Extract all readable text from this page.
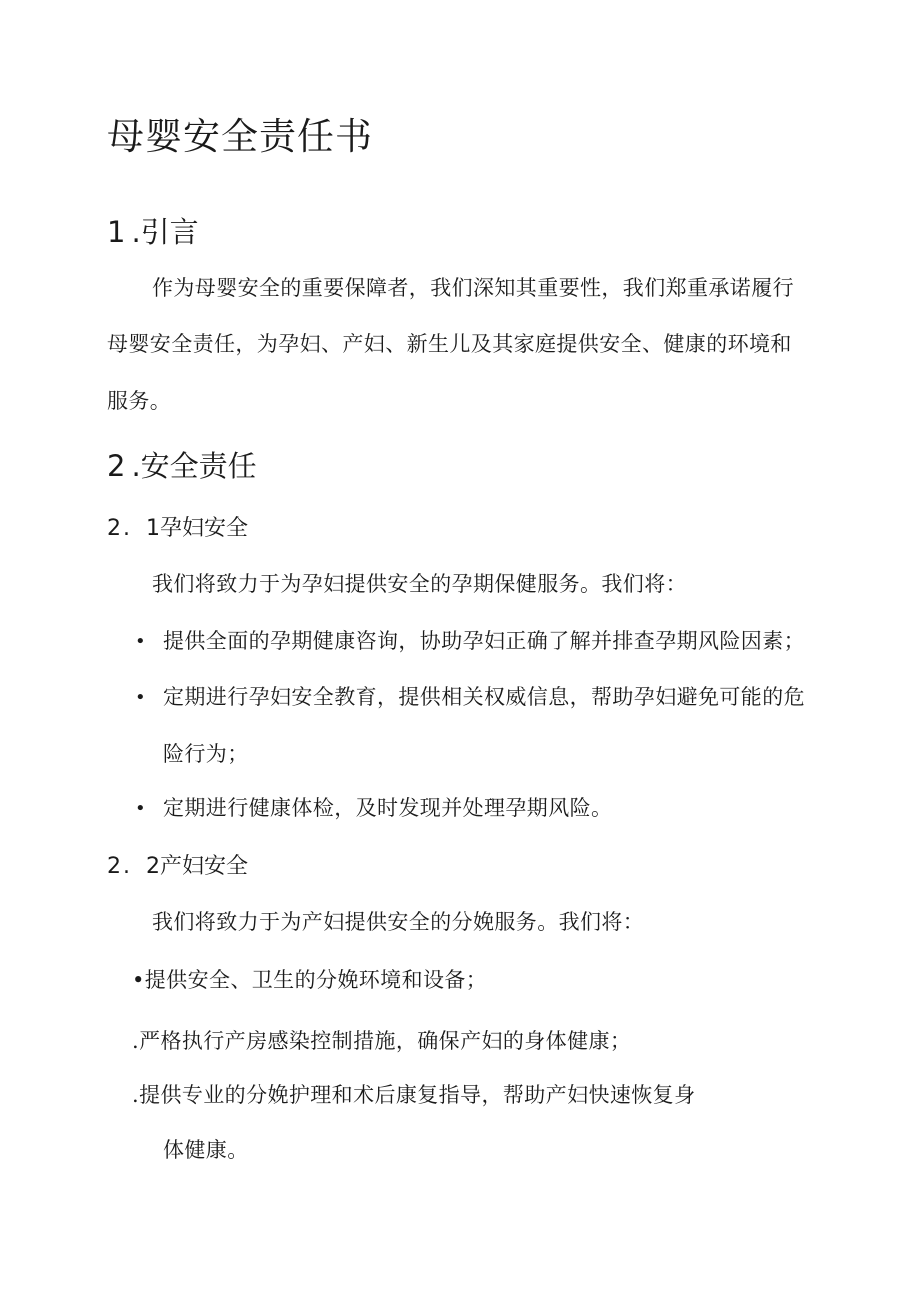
母婴安全责任书
1.引言
作为母婴安全的重要保障者，我们深知其重要性，我们郑重承诺履行
母婴安全责任，为孕妇、产妇、新生儿及其家庭提供安全、健康的环境和
服务。
2.安全责任
2. 1孕妇安全
我们将致力于为孕妇提供安全的孕期保健服务。我们将：
• 提供全面的孕期健康咨询，协助孕妇正确了解并排查孕期风险因素；
• 定期进行孕妇安全教育，提供相关权威信息，帮助孕妇避免可能的危
险行为；
• 定期进行健康体检，及时发现并处理孕期风险。
2. 2产妇安全
我们将致力于为产妇提供安全的分娩服务。我们将：
•提供安全、卫生的分娩环境和设备；
.严格执行产房感染控制措施，确保产妇的身体健康；
.提供专业的分娩护理和术后康复指导，帮助产妇快速恢复身
体健康。
